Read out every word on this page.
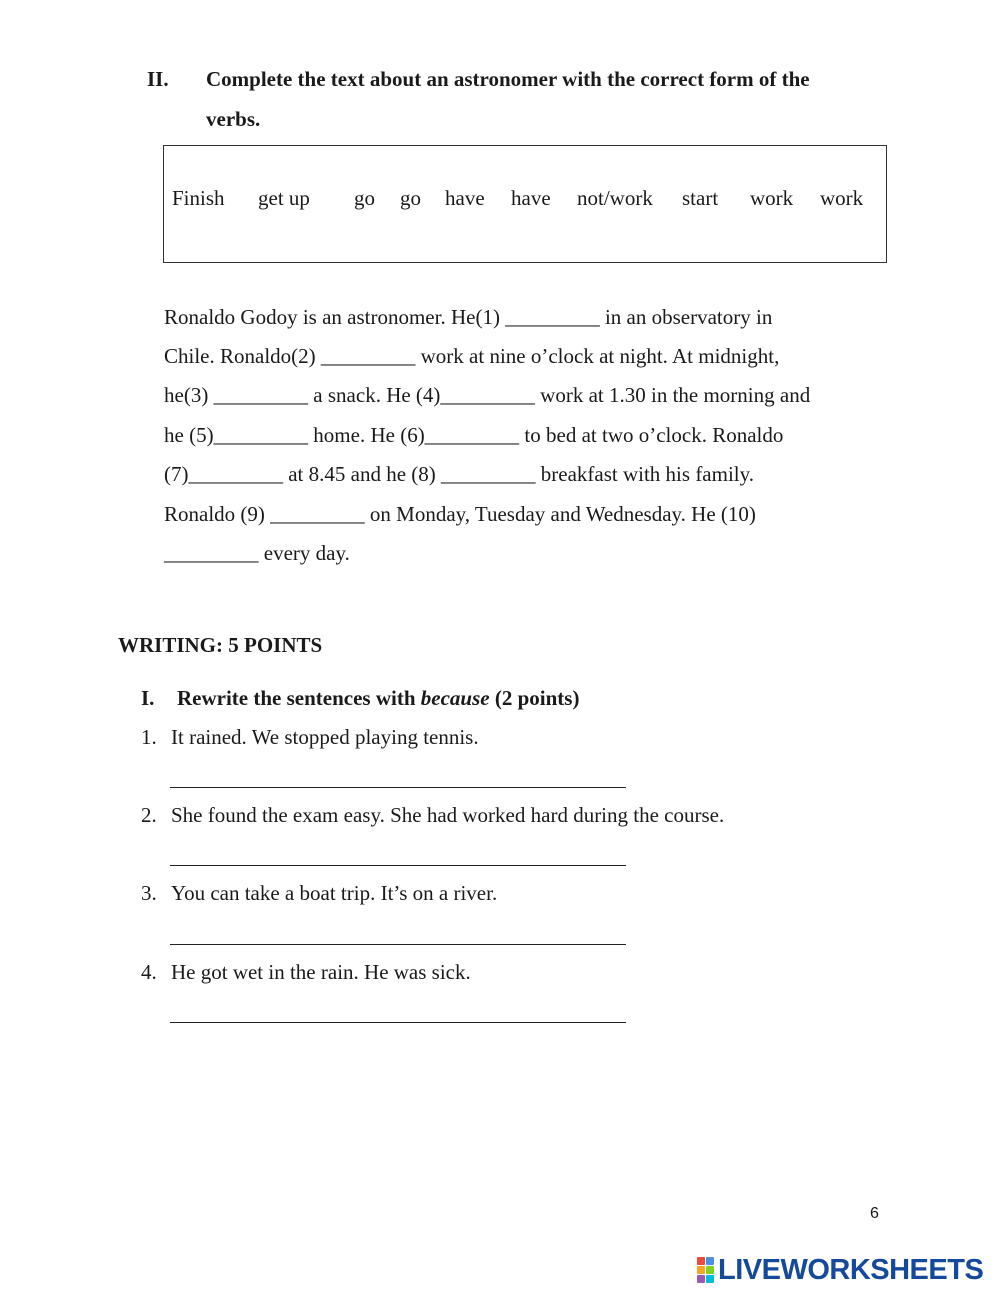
II. Complete the text about an astronomer with the correct form of the
verbs.
Finish get up go go have have not/work start work work
Ronaldo Godoy is an astronomer. He(1) _________ in an observatory in
Chile. Ronaldo(2) _________ work at nine o’clock at night. At midnight,
he(3) _________ a snack. He (4)_________ work at 1.30 in the morning and
he (5)_________ home. He (6)_________ to bed at two o’clock. Ronaldo
(7)_________ at 8.45 and he (8) _________ breakfast with his family.
Ronaldo (9) _________ on Monday, Tuesday and Wednesday. He (10)
_________ every day.
WRITING: 5 POINTS
I. Rewrite the sentences with because (2 points)
1. It rained. We stopped playing tennis.
2. She found the exam easy. She had worked hard during the course.
3. You can take a boat trip. It’s on a river.
4. He got wet in the rain. He was sick.
6
LIVEWORKSHEETS
